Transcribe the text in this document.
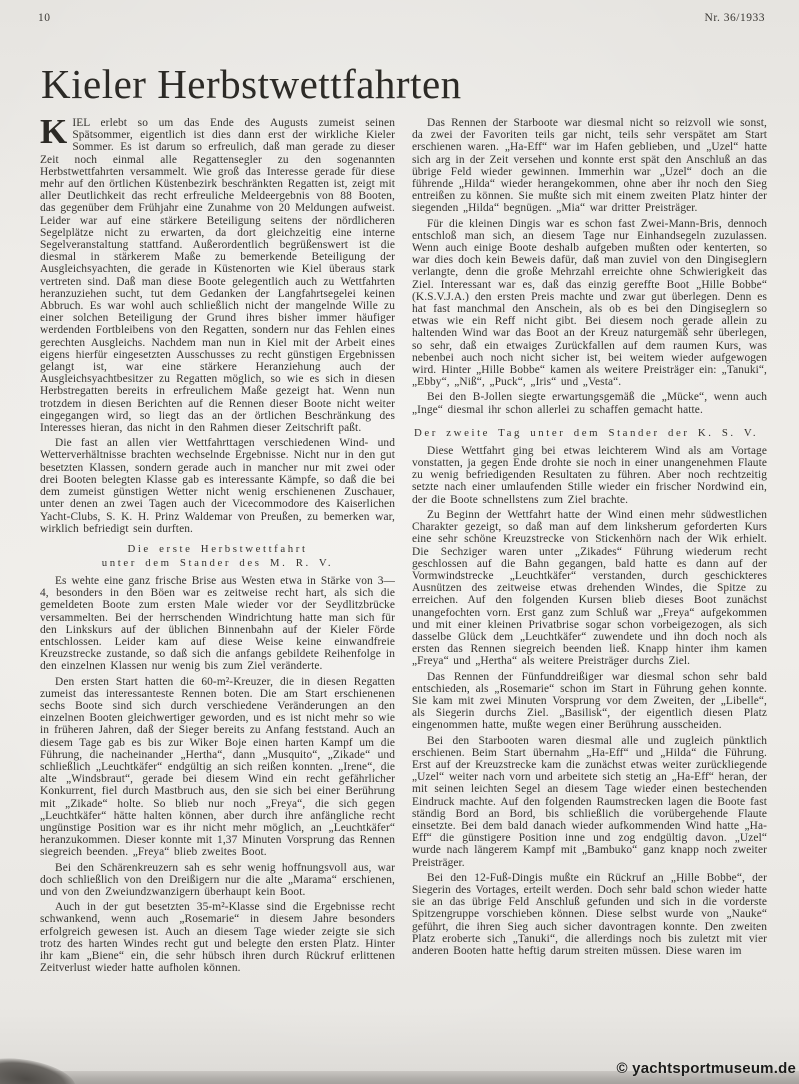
10	Nr. 36/1933
Kieler Herbstwettfahrten

KIEL erlebt so um das Ende des Augusts zumeist seinen Spätsommer, eigentlich ist dies dann erst der wirkliche Kieler Sommer. Es ist darum so erfreulich, daß man gerade zu dieser Zeit noch einmal alle Regattensegler zu den sogenannten Herbstwettfahrten versammelt. Wie groß das Interesse gerade für diese mehr auf den örtlichen Küstenbezirk beschränkten Regatten ist, zeigt mit aller Deutlichkeit das recht erfreuliche Meldeergebnis von 88 Booten, das gegenüber dem Frühjahr eine Zunahme von 20 Meldungen aufweist. Leider war auf eine stärkere Beteiligung seitens der nördlicheren Segelplätze nicht zu erwarten, da dort gleichzeitig eine interne Segelveranstaltung stattfand. Außerordentlich begrüßenswert ist die diesmal in stärkerem Maße zu bemerkende Beteiligung der Ausgleichsyachten, die gerade in Küstenorten wie Kiel überaus stark vertreten sind. Daß man diese Boote gelegentlich auch zu Wettfahrten heranzuziehen sucht, tut dem Gedanken der Langfahrtsegelei keinen Abbruch. Es war wohl auch schließlich nicht der mangelnde Wille zu einer solchen Beteiligung der Grund ihres bisher immer häufiger werdenden Fortbleibens von den Regatten, sondern nur das Fehlen eines gerechten Ausgleichs. Nachdem man nun in Kiel mit der Arbeit eines eigens hierfür eingesetzten Ausschusses zu recht günstigen Ergebnissen gelangt ist, war eine stärkere Heranziehung auch der Ausgleichsyachtbesitzer zu Regatten möglich, so wie es sich in diesen Herbstregatten bereits in erfreulichem Maße gezeigt hat. Wenn nun trotzdem in diesen Berichten auf die Rennen dieser Boote nicht weiter eingegangen wird, so liegt das an der örtlichen Beschränkung des Interesses hieran, das nicht in den Rahmen dieser Zeitschrift paßt.

Die fast an allen vier Wettfahrttagen verschiedenen Wind- und Wetterverhältnisse brachten wechselnde Ergebnisse. Nicht nur in den gut besetzten Klassen, sondern gerade auch in mancher nur mit zwei oder drei Booten belegten Klasse gab es interessante Kämpfe, so daß die bei dem zumeist günstigen Wetter nicht wenig erschienenen Zuschauer, unter denen an zwei Tagen auch der Vicecommodore des Kaiserlichen Yacht-Clubs, S. K. H. Prinz Waldemar von Preußen, zu bemerken war, wirklich befriedigt sein durften.

Die erste Herbstwettfahrt
unter dem Stander des M. R. V.

Es wehte eine ganz frische Brise aus Westen etwa in Stärke von 3—4, besonders in den Böen war es zeitweise recht hart, als sich die gemeldeten Boote zum ersten Male wieder vor der Seydlitzbrücke versammelten. Bei der herrschenden Windrichtung hatte man sich für den Linkskurs auf der üblichen Binnenbahn auf der Kieler Förde entschlossen. Leider kam auf diese Weise keine einwandfreie Kreuzstrecke zustande, so daß sich die anfangs gebildete Reihenfolge in den einzelnen Klassen nur wenig bis zum Ziel veränderte.

Den ersten Start hatten die 60-m²-Kreuzer, die in diesen Regatten zumeist das interessanteste Rennen boten. Die am Start erschienenen sechs Boote sind sich durch verschiedene Veränderungen an den einzelnen Booten gleichwertiger geworden, und es ist nicht mehr so wie in früheren Jahren, daß der Sieger bereits zu Anfang feststand. Auch an diesem Tage gab es bis zur Wiker Boje einen harten Kampf um die Führung, die nacheinander „Hertha“, dann „Musquito“, „Zikade“ und schließlich „Leuchtkäfer“ endgültig an sich reißen konnten. „Irene“, die alte „Windsbraut“, gerade bei diesem Wind ein recht gefährlicher Konkurrent, fiel durch Mastbruch aus, den sie sich bei einer Berührung mit „Zikade“ holte. So blieb nur noch „Freya“, die sich gegen „Leuchtkäfer“ hätte halten können, aber durch ihre anfängliche recht ungünstige Position war es ihr nicht mehr möglich, an „Leuchtkäfer“ heranzukommen. Dieser konnte mit 1,37 Minuten Vorsprung das Rennen siegreich beenden. „Freya“ blieb zweites Boot.

Bei den Schärenkreuzern sah es sehr wenig hoffnungsvoll aus, war doch schließlich von den Dreißigern nur die alte „Marama“ erschienen, und von den Zweiundzwanzigern überhaupt kein Boot.

Auch in der gut besetzten 35-m²-Klasse sind die Ergebnisse recht schwankend, wenn auch „Rosemarie“ in diesem Jahre besonders erfolgreich gewesen ist. Auch an diesem Tage wieder zeigte sie sich trotz des harten Windes recht gut und belegte den ersten Platz. Hinter ihr kam „Biene“ ein, die sehr hübsch ihren durch Rückruf erlittenen Zeitverlust wieder hatte aufholen können.

Das Rennen der Starboote war diesmal nicht so reizvoll wie sonst, da zwei der Favoriten teils gar nicht, teils sehr verspätet am Start erschienen waren. „Ha-Eff“ war im Hafen geblieben, und „Uzel“ hatte sich arg in der Zeit versehen und konnte erst spät den Anschluß an das übrige Feld wieder gewinnen. Immerhin war „Uzel“ doch an die führende „Hilda“ wieder herangekommen, ohne aber ihr noch den Sieg entreißen zu können. Sie mußte sich mit einem zweiten Platz hinter der siegenden „Hilda“ begnügen. „Mia“ war dritter Preisträger.

Für die kleinen Dingis war es schon fast Zwei-Mann-Bris, dennoch entschloß man sich, an diesem Tage nur Einhandsegeln zuzulassen. Wenn auch einige Boote deshalb aufgeben mußten oder kenterten, so war dies doch kein Beweis dafür, daß man zuviel von den Dingiseglern verlangte, denn die große Mehrzahl erreichte ohne Schwierigkeit das Ziel. Interessant war es, daß das einzig gereffte Boot „Hille Bobbe“ (K.S.V.J.A.) den ersten Preis machte und zwar gut überlegen. Denn es hat fast manchmal den Anschein, als ob es bei den Dingiseglern so etwas wie ein Reff nicht gibt. Bei diesem noch gerade allein zu haltenden Wind war das Boot an der Kreuz naturgemäß sehr überlegen, so sehr, daß ein etwaiges Zurückfallen auf dem raumen Kurs, was nebenbei auch noch nicht sicher ist, bei weitem wieder aufgewogen wird. Hinter „Hille Bobbe“ kamen als weitere Preisträger ein: „Tanuki“, „Ebby“, „Niß“, „Puck“, „Iris“ und „Vesta“.

Bei den B-Jollen siegte erwartungsgemäß die „Mücke“, wenn auch „Inge“ diesmal ihr schon allerlei zu schaffen gemacht hatte.

Der zweite Tag unter dem Stander der K. S. V.

Diese Wettfahrt ging bei etwas leichterem Wind als am Vortage vonstatten, ja gegen Ende drohte sie noch in einer unangenehmen Flaute zu wenig befriedigenden Resultaten zu führen. Aber noch rechtzeitig setzte nach einer umlaufenden Stille wieder ein frischer Nordwind ein, der die Boote schnellstens zum Ziel brachte.

Zu Beginn der Wettfahrt hatte der Wind einen mehr südwestlichen Charakter gezeigt, so daß man auf dem linksherum geforderten Kurs eine sehr schöne Kreuzstrecke von Stickenhörn nach der Wik erhielt. Die Sechziger waren unter „Zikades“ Führung wiederum recht geschlossen auf die Bahn gegangen, bald hatte es dann auf der Vormwindstrecke „Leuchtkäfer“ verstanden, durch geschickteres Ausnützen des zeitweise etwas drehenden Windes, die Spitze zu erreichen. Auf den folgenden Kursen blieb dieses Boot zunächst unangefochten vorn. Erst ganz zum Schluß war „Freya“ aufgekommen und mit einer kleinen Privatbrise sogar schon vorbeigezogen, als sich dasselbe Glück dem „Leuchtkäfer“ zuwendete und ihn doch noch als ersten das Rennen siegreich beenden ließ. Knapp hinter ihm kamen „Freya“ und „Hertha“ als weitere Preisträger durchs Ziel.

Das Rennen der Fünfunddreißiger war diesmal schon sehr bald entschieden, als „Rosemarie“ schon im Start in Führung gehen konnte. Sie kam mit zwei Minuten Vorsprung vor dem Zweiten, der „Libelle“, als Siegerin durchs Ziel. „Basilisk“, der eigentlich diesen Platz eingenommen hatte, mußte wegen einer Berührung ausscheiden.

Bei den Starbooten waren diesmal alle und zugleich pünktlich erschienen. Beim Start übernahm „Ha-Eff“ und „Hilda“ die Führung. Erst auf der Kreuzstrecke kam die zunächst etwas weiter zurückliegende „Uzel“ weiter nach vorn und arbeitete sich stetig an „Ha-Eff“ heran, der mit seinen leichten Segel an diesem Tage wieder einen bestechenden Eindruck machte. Auf den folgenden Raumstrecken lagen die Boote fast ständig Bord an Bord, bis schließlich die vorübergehende Flaute einsetzte. Bei dem bald danach wieder aufkommenden Wind hatte „Ha-Eff“ die günstigere Position inne und zog endgültig davon. „Uzel“ wurde nach längerem Kampf mit „Bambuko“ ganz knapp noch zweiter Preisträger.

Bei den 12-Fuß-Dingis mußte ein Rückruf an „Hille Bobbe“, der Siegerin des Vortages, erteilt werden. Doch sehr bald schon wieder hatte sie an das übrige Feld Anschluß gefunden und sich in die vorderste Spitzengruppe vorschieben können. Diese selbst wurde von „Nauke“ geführt, die ihren Sieg auch sicher davontragen konnte. Den zweiten Platz eroberte sich „Tanuki“, die allerdings noch bis zuletzt mit vier anderen Booten hatte heftig darum streiten müssen. Diese waren im

© yachtsportmuseum.de
